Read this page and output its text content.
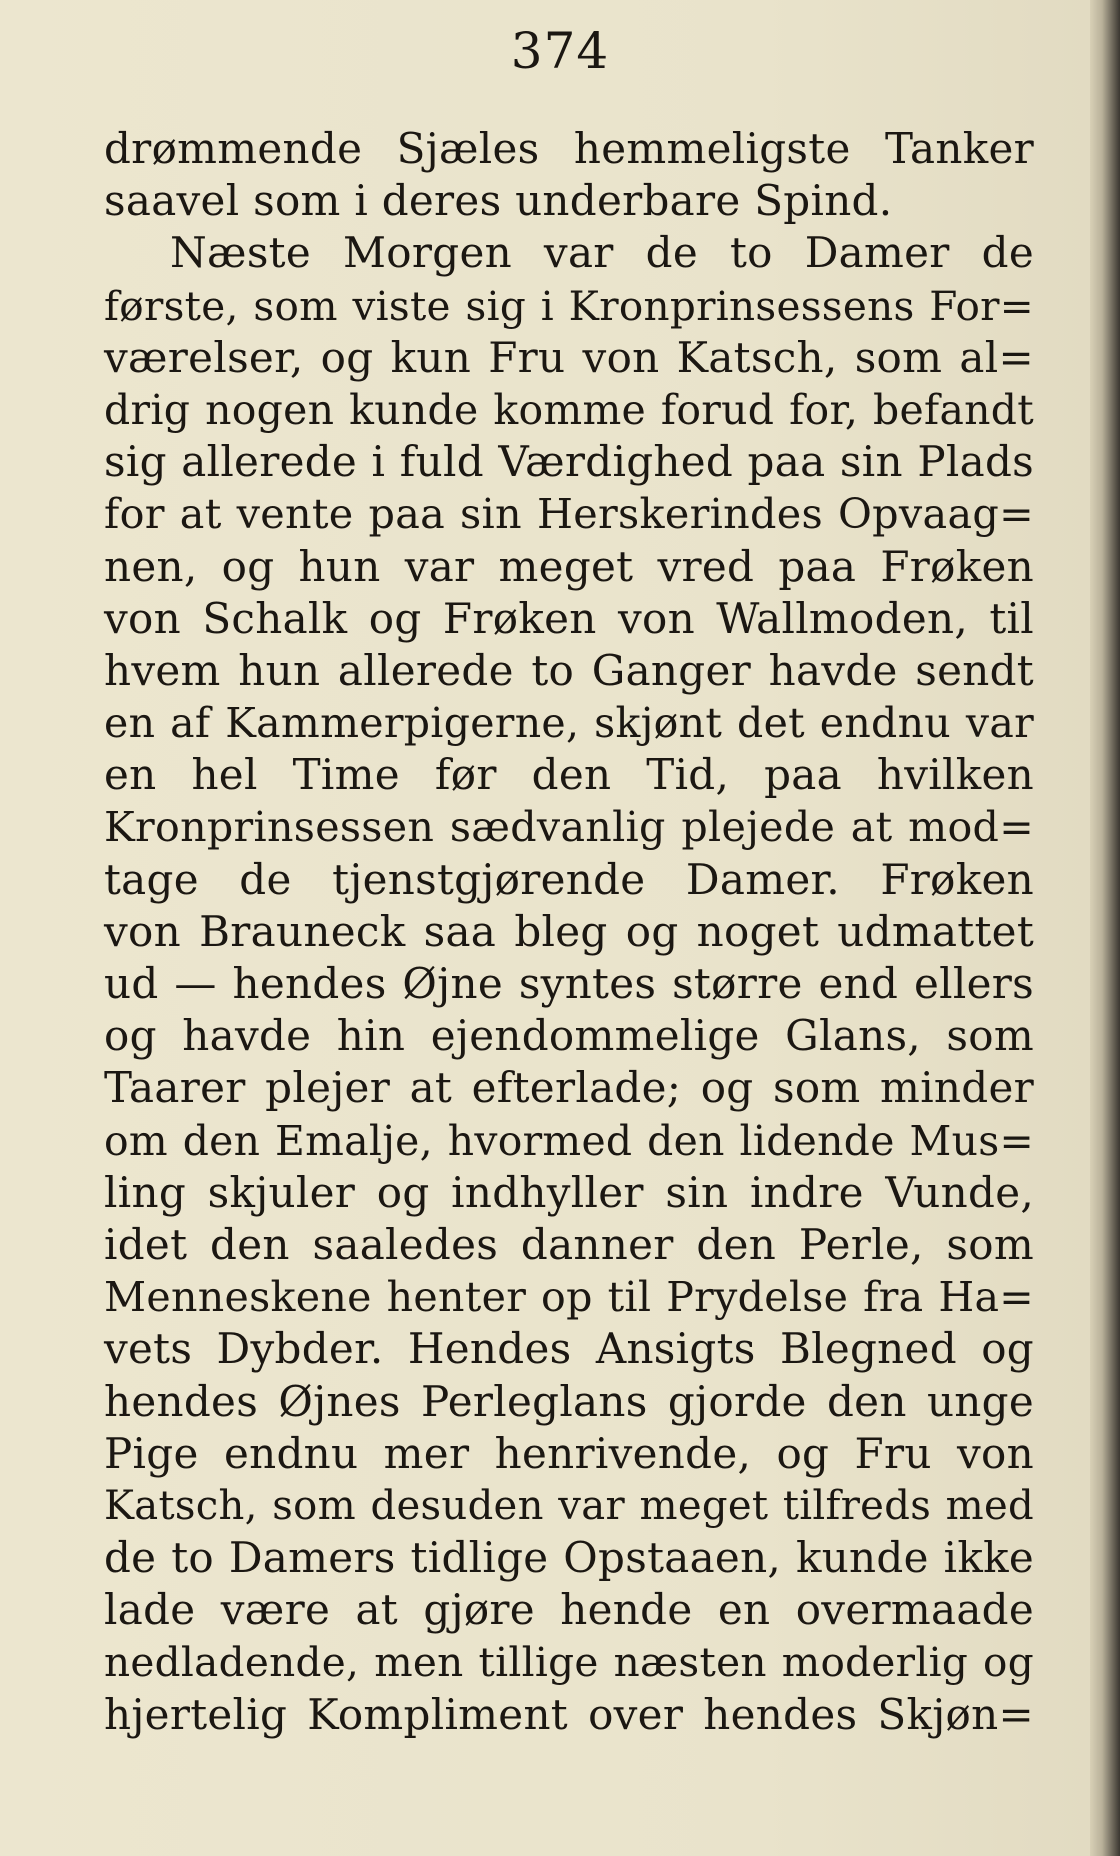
374
drømmende Sjæles hemmeligste Tanker
saavel som i deres underbare Spind.
Næste Morgen var de to Damer de
første, som viste sig i Kronprinsessens For=
værelser, og kun Fru von Katsch, som al=
drig nogen kunde komme forud for, befandt
sig allerede i fuld Værdighed paa sin Plads
for at vente paa sin Herskerindes Opvaag=
nen, og hun var meget vred paa Frøken
von Schalk og Frøken von Wallmoden, til
hvem hun allerede to Ganger havde sendt
en af Kammerpigerne, skjønt det endnu var
en hel Time før den Tid, paa hvilken
Kronprinsessen sædvanlig plejede at mod=
tage de tjenstgjørende Damer. Frøken
von Brauneck saa bleg og noget udmattet
ud — hendes Øjne syntes større end ellers
og havde hin ejendommelige Glans, som
Taarer plejer at efterlade; og som minder
om den Emalje, hvormed den lidende Mus=
ling skjuler og indhyller sin indre Vunde,
idet den saaledes danner den Perle, som
Menneskene henter op til Prydelse fra Ha=
vets Dybder. Hendes Ansigts Blegned og
hendes Øjnes Perleglans gjorde den unge
Pige endnu mer henrivende, og Fru von
Katsch, som desuden var meget tilfreds med
de to Damers tidlige Opstaaen, kunde ikke
lade være at gjøre hende en overmaade
nedladende, men tillige næsten moderlig og
hjertelig Kompliment over hendes Skjøn=
